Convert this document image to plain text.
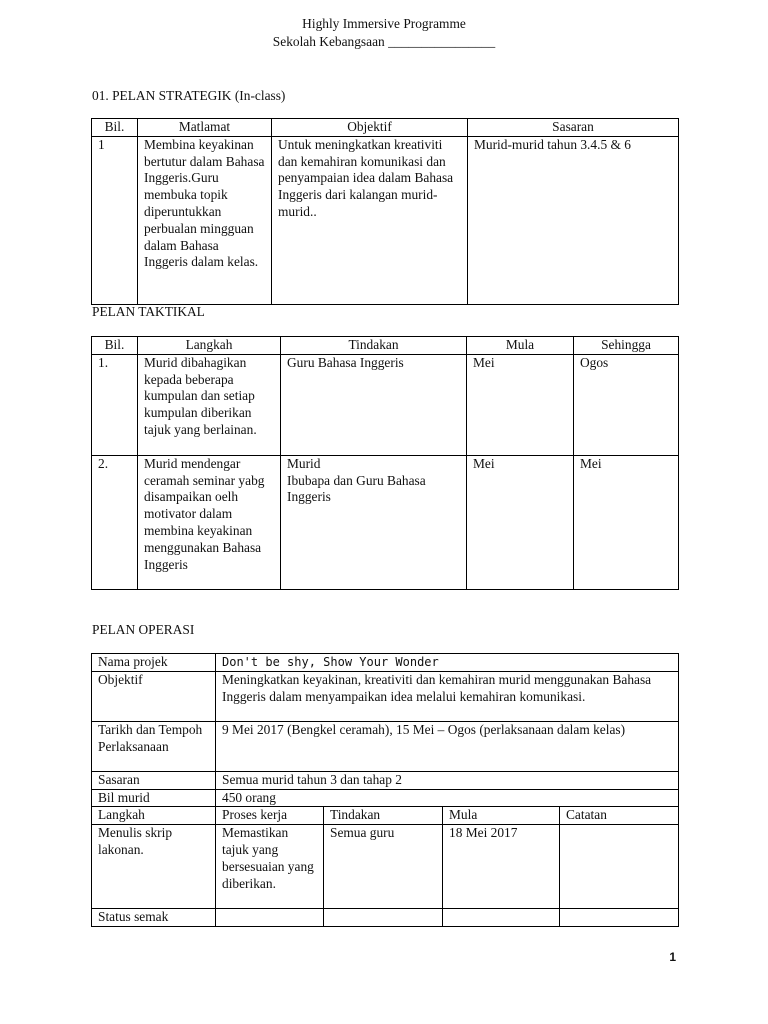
Highly Immersive Programme
Sekolah Kebangsaan ________________
01. PELAN STRATEGIK (In-class)
Bil.	Matlamat	Objektif	Sasaran
1	Membina keyakinan bertutur dalam Bahasa Inggeris.Guru membuka topik diperuntukkan perbualan mingguan dalam Bahasa Inggeris dalam kelas.	Untuk meningkatkan kreativiti dan kemahiran komunikasi dan penyampaian idea dalam Bahasa Inggeris dari kalangan murid-murid..	Murid-murid tahun 3.4.5 & 6
PELAN TAKTIKAL
Bil.	Langkah	Tindakan	Mula	Sehingga
1.	Murid dibahagikan kepada beberapa kumpulan dan setiap kumpulan diberikan tajuk yang berlainan.	Guru Bahasa Inggeris	Mei	Ogos
2.	Murid mendengar ceramah seminar yabg disampaikan oelh motivator dalam membina keyakinan menggunakan Bahasa Inggeris	Murid
Ibubapa dan Guru Bahasa Inggeris	Mei	Mei
PELAN OPERASI
Nama projek	Don't be shy, Show Your Wonder			
Objektif	Meningkatkan keyakinan, kreativiti dan kemahiran murid menggunakan Bahasa Inggeris dalam menyampaikan idea melalui kemahiran komunikasi.			
Tarikh dan Tempoh Perlaksanaan	9 Mei 2017 (Bengkel ceramah), 15 Mei – Ogos (perlaksanaan dalam kelas)			
Sasaran	Semua murid tahun 3 dan tahap 2			
Bil murid	450 orang			
Langkah	Proses kerja	Tindakan	Mula	Catatan
Menulis skrip lakonan.	Memastikan tajuk yang bersesuaian yang diberikan.	Semua guru	18 Mei 2017	
Status semak				
1
